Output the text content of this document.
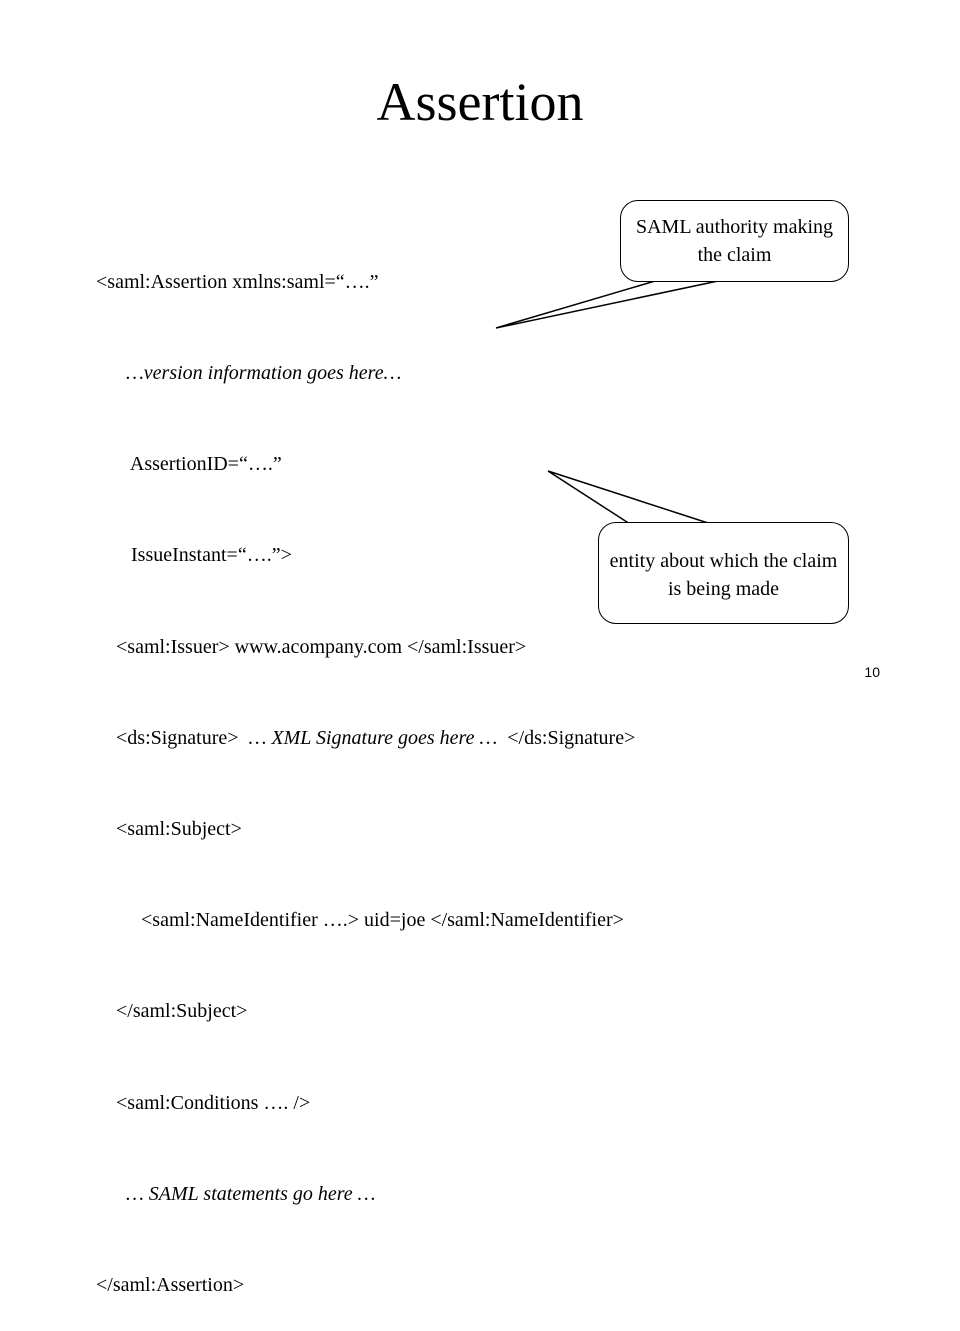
Assertion

<saml:Assertion xmlns:saml=“….”

…version information goes here…

AssertionID=“….”

IssueInstant=“….”>

<saml:Issuer> www.acompany.com </saml:Issuer>

<ds:Signature> … XML Signature goes here … </ds:Signature>

<saml:Subject>

<saml:NameIdentifier ….> uid=joe </saml:NameIdentifier>

</saml:Subject>

<saml:Conditions …. />

… SAML statements go here …

</saml:Assertion>

SAML authority making the claim
entity about which the claim is being made
10
